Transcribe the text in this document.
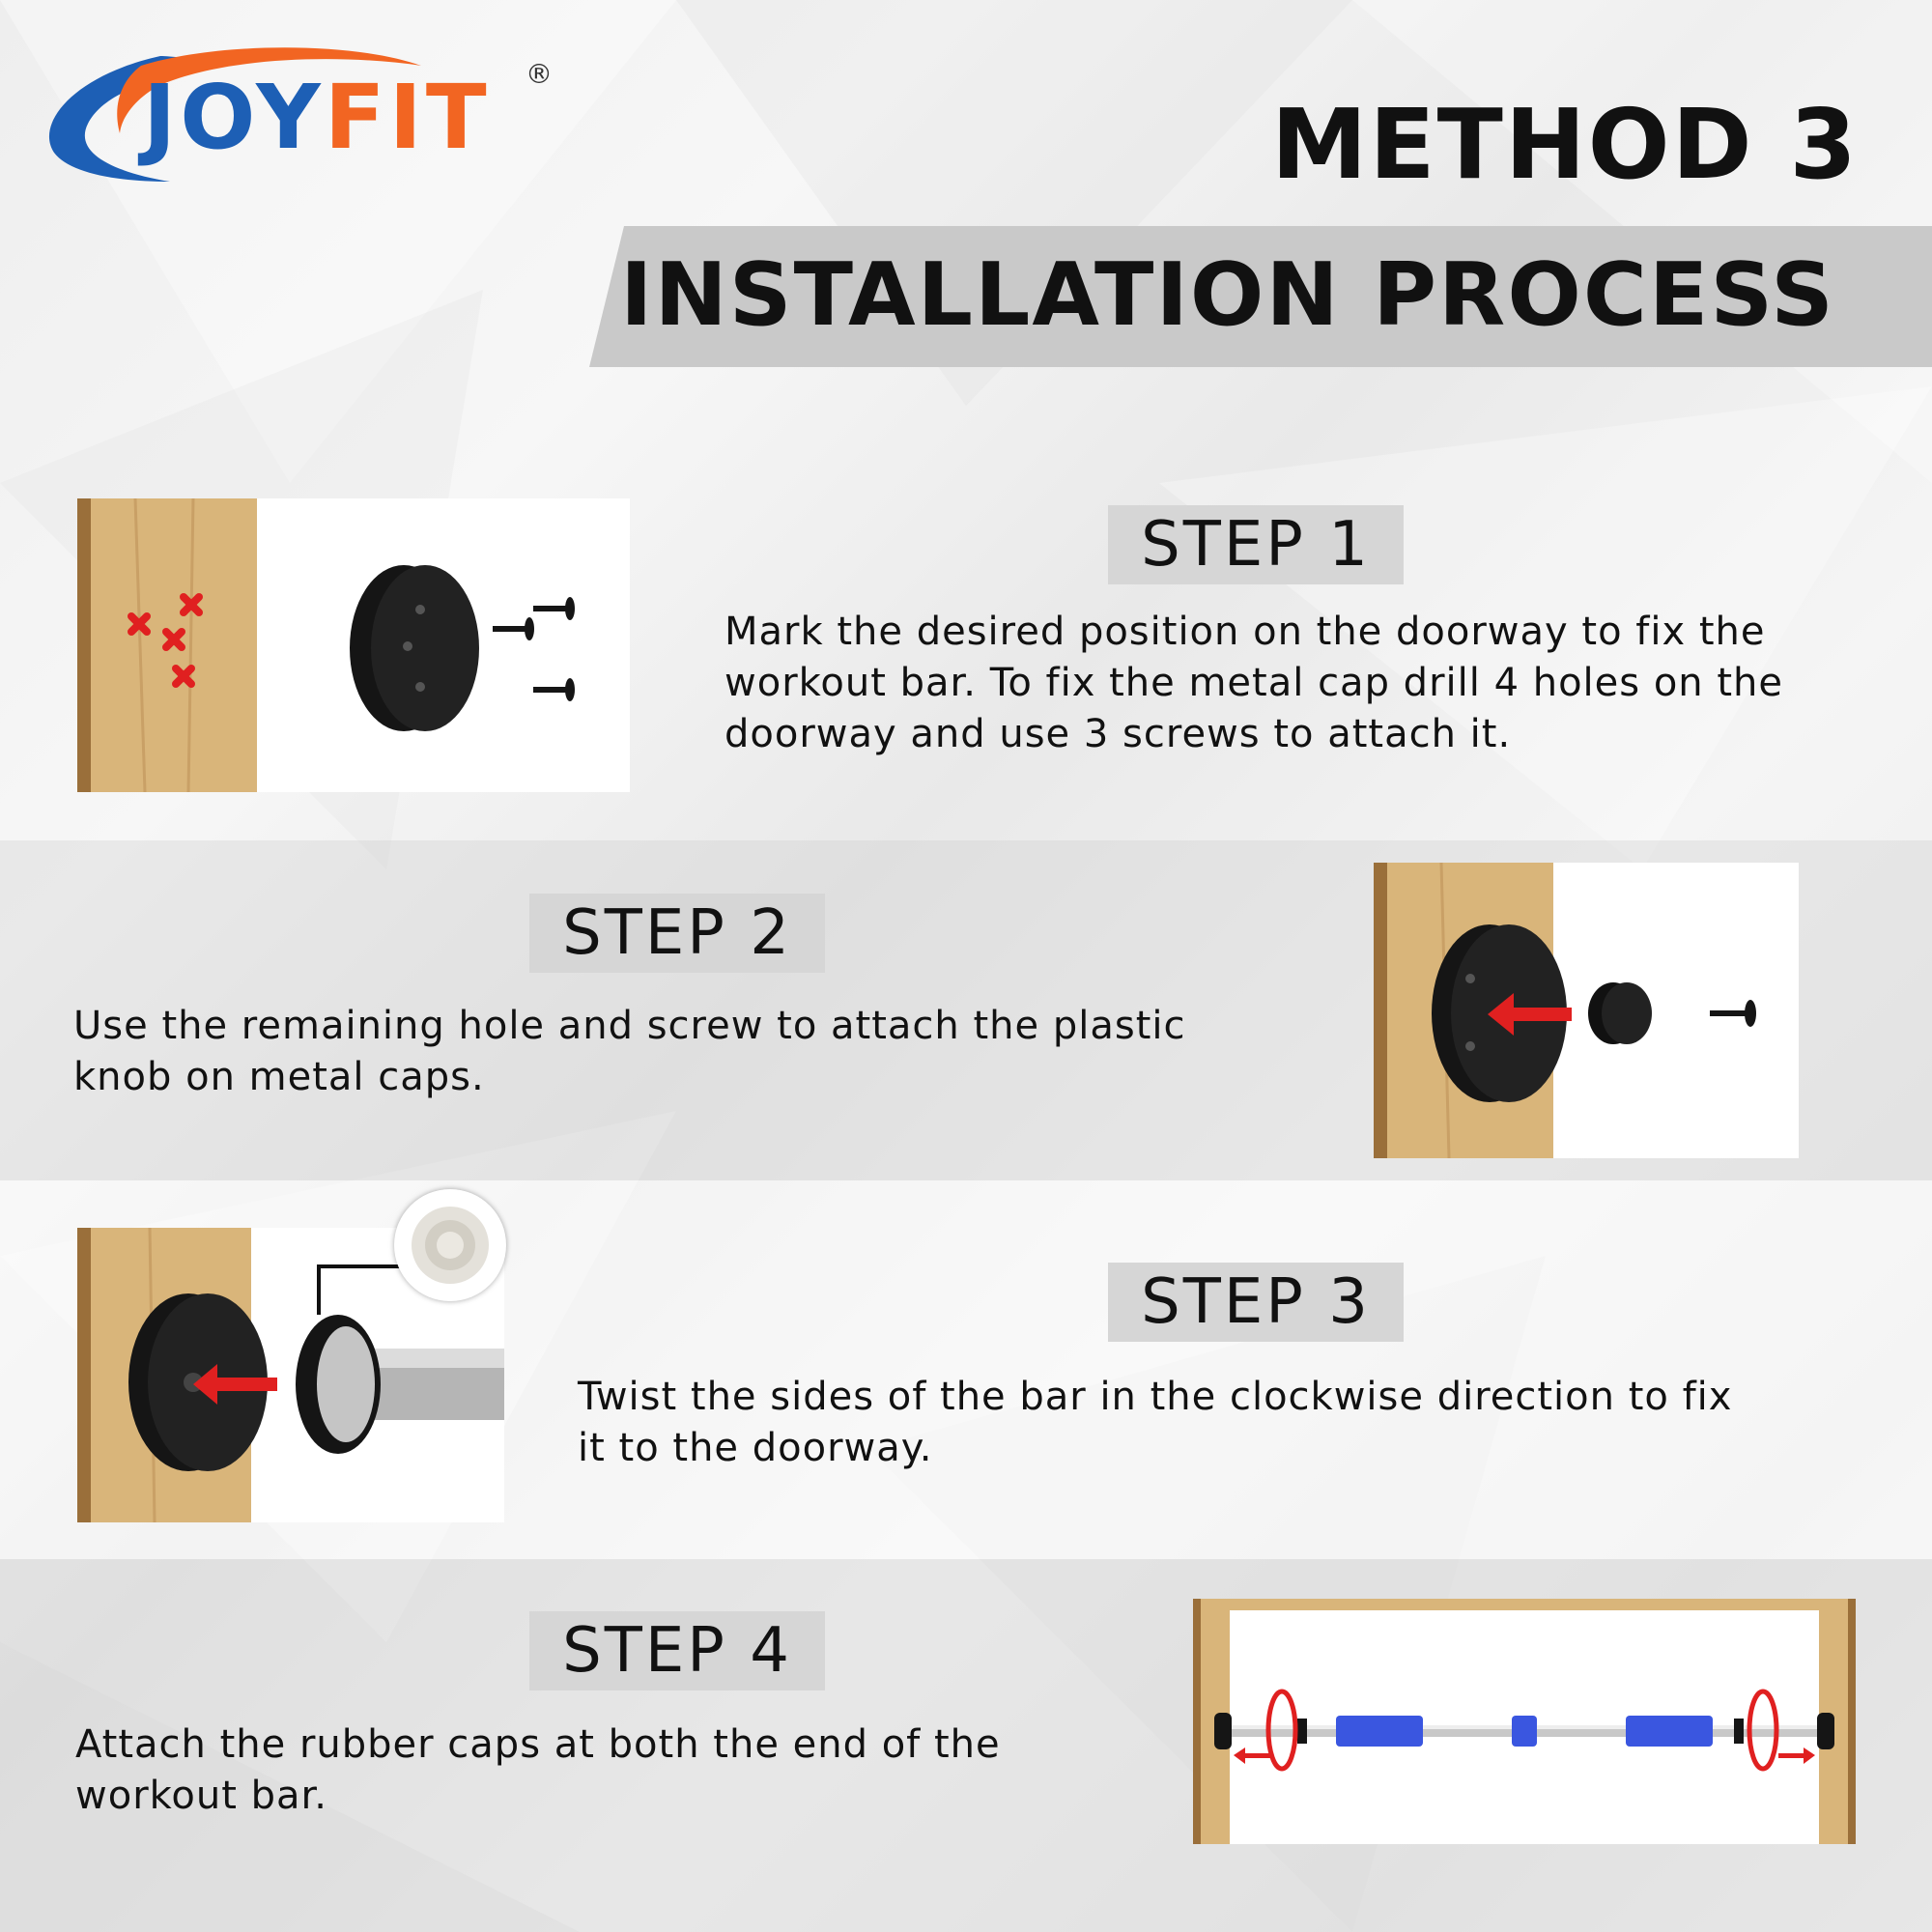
JOYFIT ®
METHOD 3
INSTALLATION PROCESS
STEP 1

Mark the desired position on the doorway to fix the
workout bar. To fix the metal cap drill 4 holes on the
doorway and use 3 screws to attach it.

STEP 2

Use the remaining hole and screw to attach the plastic
knob on metal caps.

STEP 3

Twist the sides of the bar in the clockwise direction to fix
it to the doorway.

STEP 4

Attach the rubber caps at both the end of the
workout bar.
